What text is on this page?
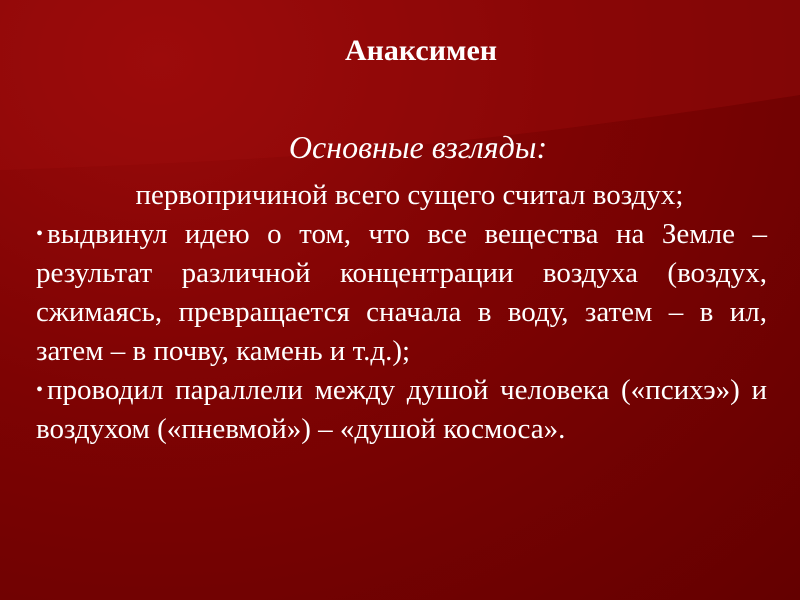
Анаксимен
Основные взгляды:
первопричиной всего сущего считал воздух;

• выдвинул идею о том, что все вещества на Земле – результат различной концентрации воздуха (воздух, сжимаясь, превращается сначала в воду, затем – в ил, затем – в почву, камень и т.д.);

• проводил параллели между душой человека («психэ») и воздухом («пневмой») – «душой космоса».
